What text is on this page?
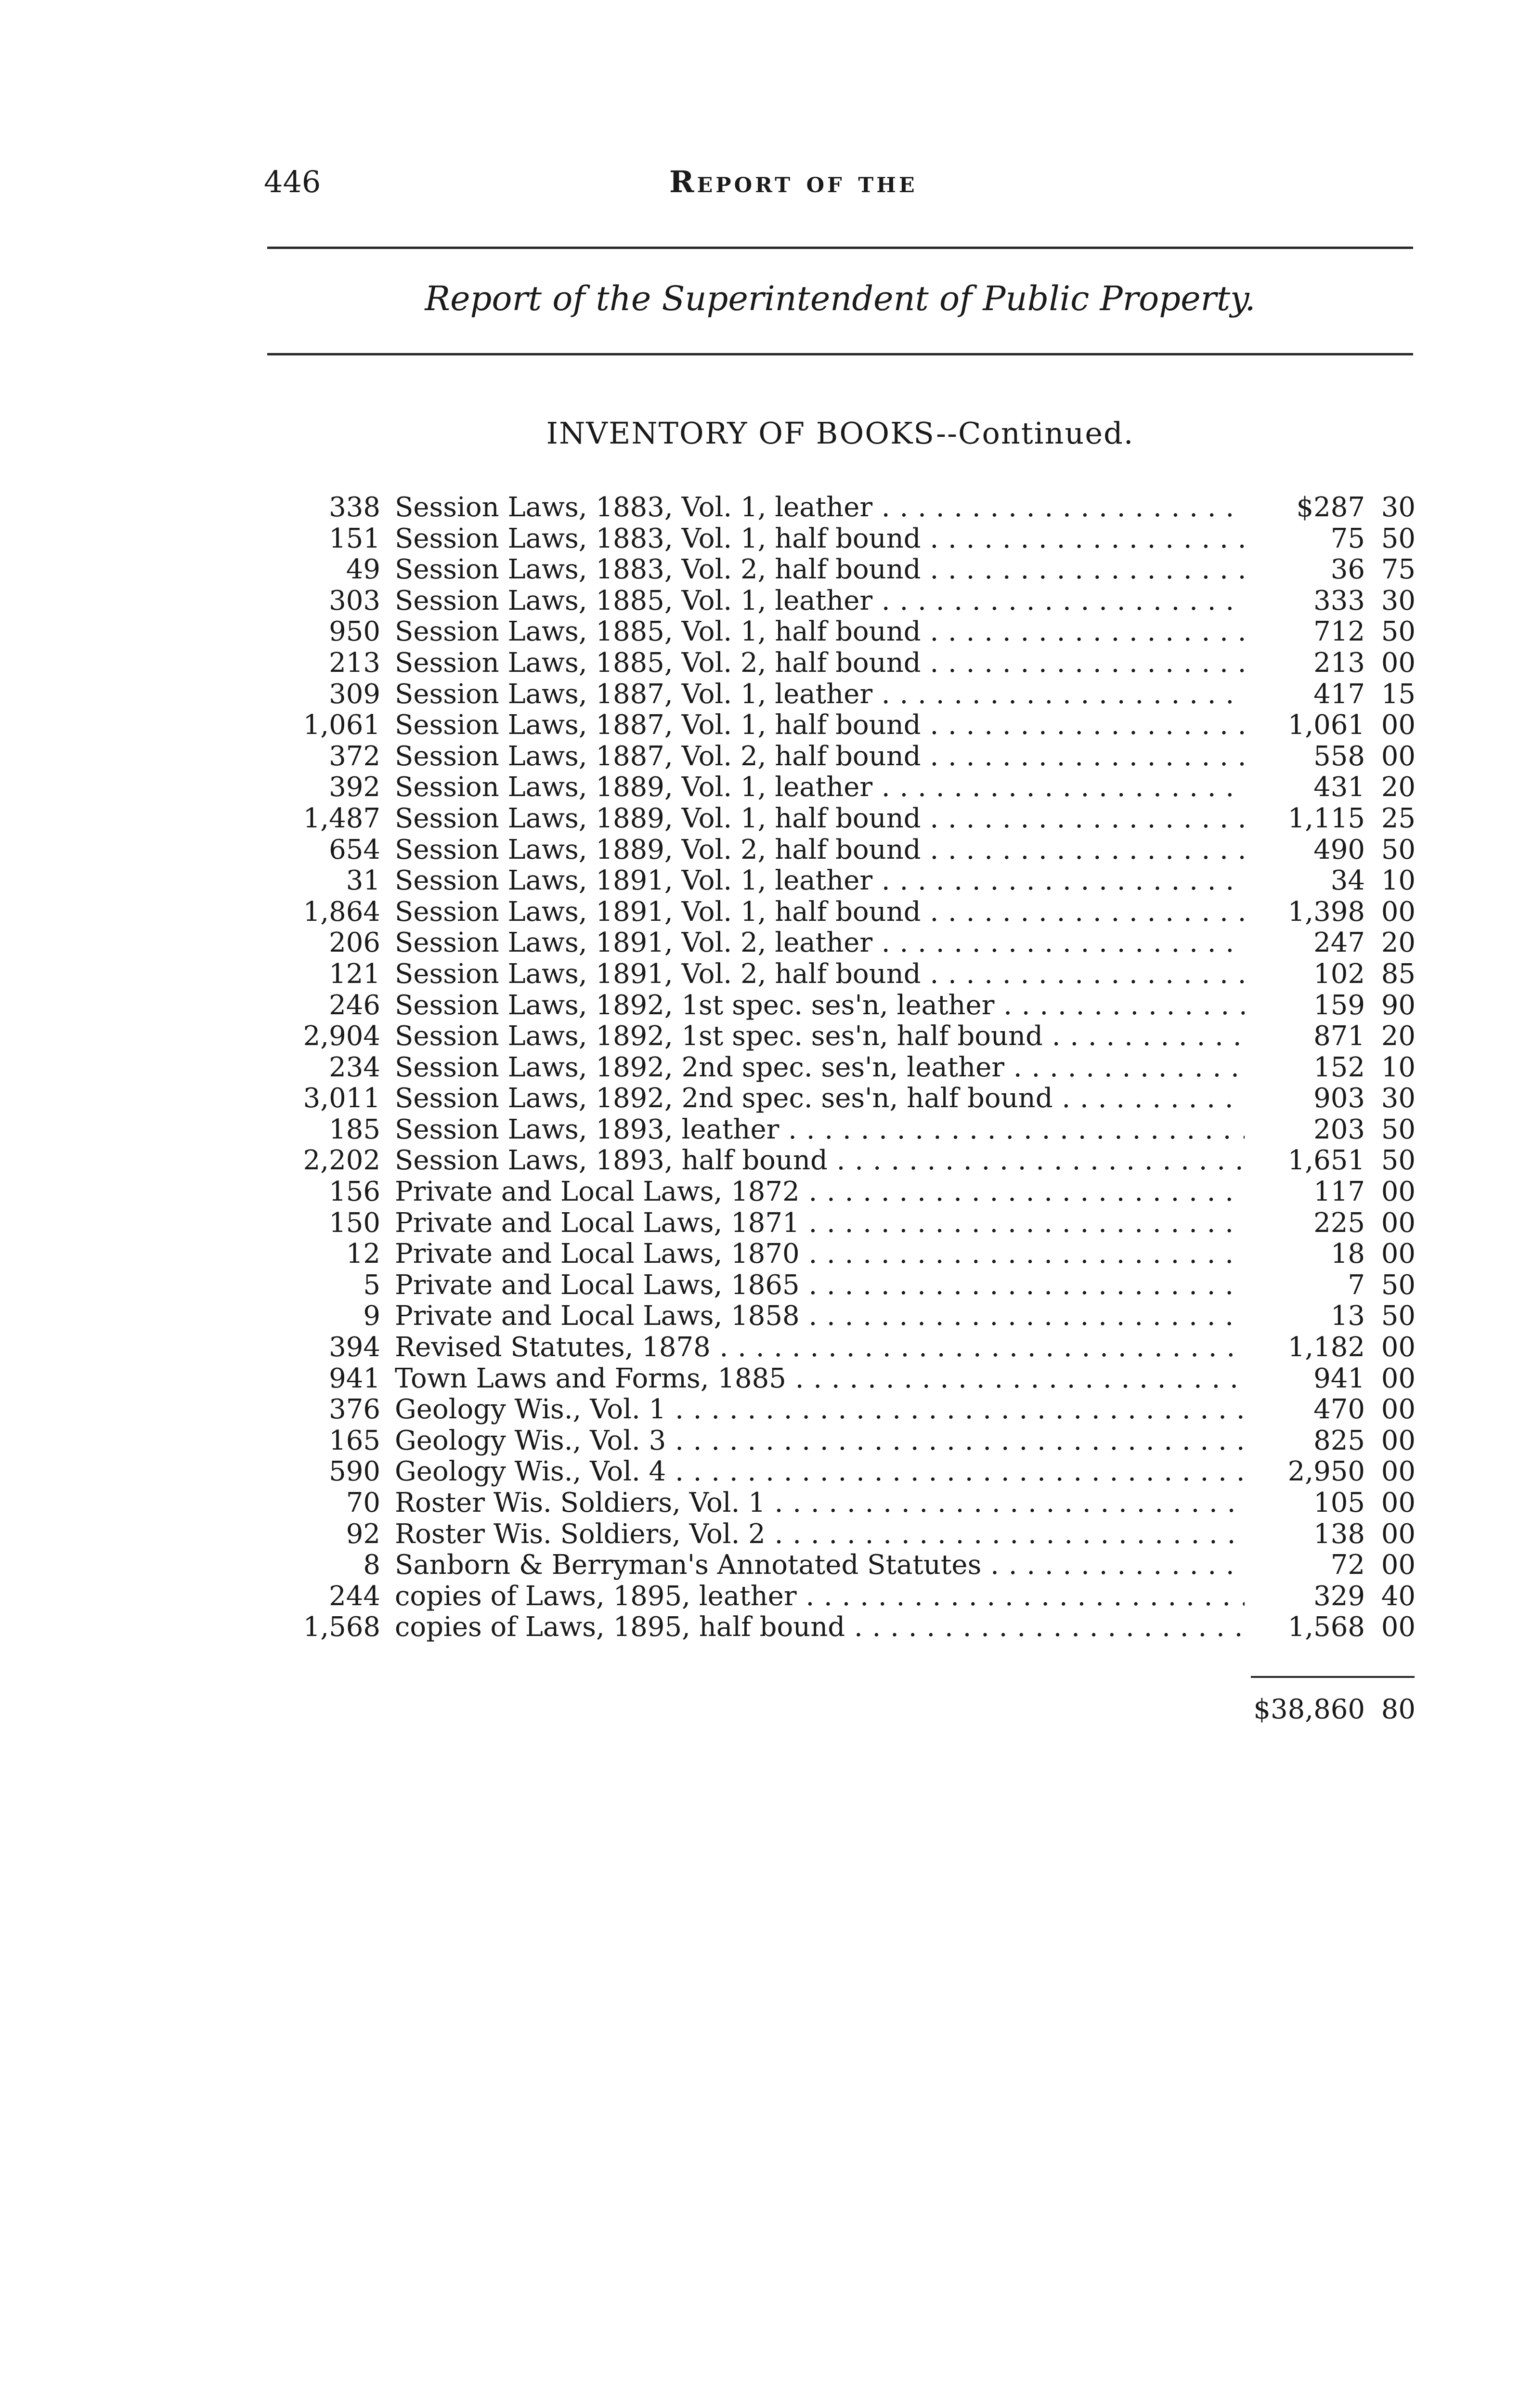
446	Report of the
Report of the Superintendent of Public Property.
INVENTORY OF BOOKS--Continued.
338 Session Laws, 1883, Vol. 1, leather . . .	$287 30
151 Session Laws, 1883, Vol. 1, half bound . . .	75 50
49 Session Laws, 1883, Vol. 2, half bound . . .	36 75
303 Session Laws, 1885, Vol. 1, leather . . .	333 30
950 Session Laws, 1885, Vol. 1, half bound . . .	712 50
213 Session Laws, 1885, Vol. 2, half bound . . .	213 00
309 Session Laws, 1887, Vol. 1, leather . . .	417 15
1,061 Session Laws, 1887, Vol. 1, half bound . . .	1,061 00
372 Session Laws, 1887, Vol. 2, half bound . . .	558 00
392 Session Laws, 1889, Vol. 1, leather . . .	431 20
1,487 Session Laws, 1889, Vol. 1, half bound . . .	1,115 25
654 Session Laws, 1889, Vol. 2, half bound . . .	490 50
31 Session Laws, 1891, Vol. 1, leather . . .	34 10
1,864 Session Laws, 1891, Vol. 1, half bound . . .	1,398 00
206 Session Laws, 1891, Vol. 2, leather . . .	247 20
121 Session Laws, 1891, Vol. 2, half bound . . .	102 85
246 Session Laws, 1892, 1st spec. ses'n, leather . . .	159 90
2,904 Session Laws, 1892, 1st spec. ses'n, half bound . . .	871 20
234 Session Laws, 1892, 2nd spec. ses'n, leather . . .	152 10
3,011 Session Laws, 1892, 2nd spec. ses'n, half bound . . .	903 30
185 Session Laws, 1893, leather . . .	203 50
2,202 Session Laws, 1893, half bound . . .	1,651 50
156 Private and Local Laws, 1872 . . .	117 00
150 Private and Local Laws, 1871 . . .	225 00
12 Private and Local Laws, 1870 . . .	18 00
5 Private and Local Laws, 1865 . . .	7 50
9 Private and Local Laws, 1858 . . .	13 50
394 Revised Statutes, 1878 . . .	1,182 00
941 Town Laws and Forms, 1885 . . .	941 00
376 Geology Wis., Vol. 1 . . .	470 00
165 Geology Wis., Vol. 3 . . .	825 00
590 Geology Wis., Vol. 4 . . .	2,950 00
70 Roster Wis. Soldiers, Vol. 1 . . .	105 00
92 Roster Wis. Soldiers, Vol. 2 . . .	138 00
8 Sanborn & Berryman's Annotated Statutes . . .	72 00
244 copies of Laws, 1895, leather . . .	329 40
1,568 copies of Laws, 1895, half bound . . .	1,568 00
$38,860 80
